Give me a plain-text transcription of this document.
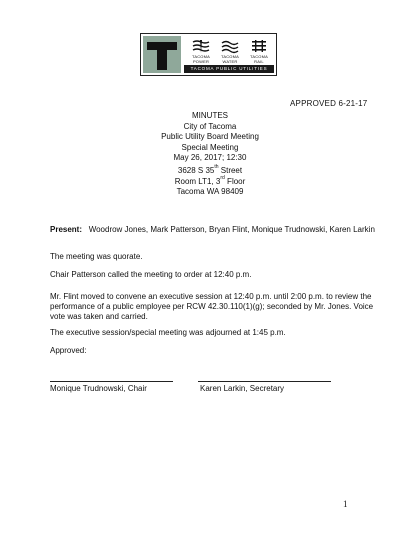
TACOMA POWER
TACOMA WATER
TACOMA RAIL
TACOMA PUBLIC UTILITIES
APPROVED 6-21-17
MINUTES
City of Tacoma
Public Utility Board Meeting
Special Meeting
May 26, 2017; 12:30
3628 S 35th Street
Room LT1, 3rd Floor
Tacoma WA 98409
Present: Woodrow Jones, Mark Patterson, Bryan Flint, Monique Trudnowski, Karen Larkin
The meeting was quorate.
Chair Patterson called the meeting to order at 12:40 p.m.
Mr. Flint moved to convene an executive session at 12:40 p.m. until 2:00 p.m. to review the performance of a public employee per RCW 42.30.110(1)(g); seconded by Mr. Jones. Voice vote was taken and carried.
The executive session/special meeting was adjourned at 1:45 p.m.
Approved:
Monique Trudnowski, Chair	Karen Larkin, Secretary
1
